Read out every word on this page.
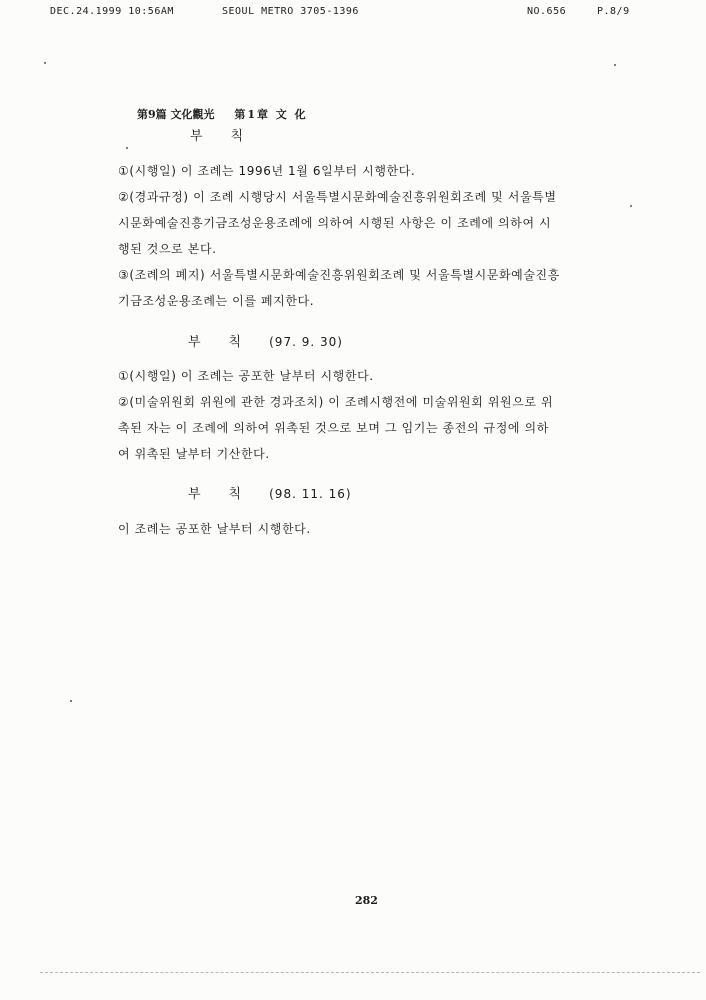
DEC.24.1999 10:56AM	SEOUL METRO 3705-1396	NO.656	P.8/9
第9篇 文化觀光 第1章 文 化
부칙
①(시행일) 이 조례는 1996년 1월 6일부터 시행한다.
②(경과규정) 이 조례 시행당시 서울특별시문화예술진흥위원회조례 및 서울특별
시문화예술진흥기금조성운용조례에 의하여 시행된 사항은 이 조례에 의하여 시
행된 것으로 본다.
③(조례의 폐지) 서울특별시문화예술진흥위원회조례 및 서울특별시문화예술진흥
기금조성운용조례는 이를 폐지한다.
부칙(97. 9. 30)
①(시행일) 이 조례는 공포한 날부터 시행한다.
②(미술위원회 위원에 관한 경과조치) 이 조례시행전에 미술위원회 위원으로 위
촉된 자는 이 조례에 의하여 위촉된 것으로 보며 그 임기는 종전의 규정에 의하
여 위촉된 날부터 기산한다.
부칙(98. 11. 16)
이 조례는 공포한 날부터 시행한다.
282
